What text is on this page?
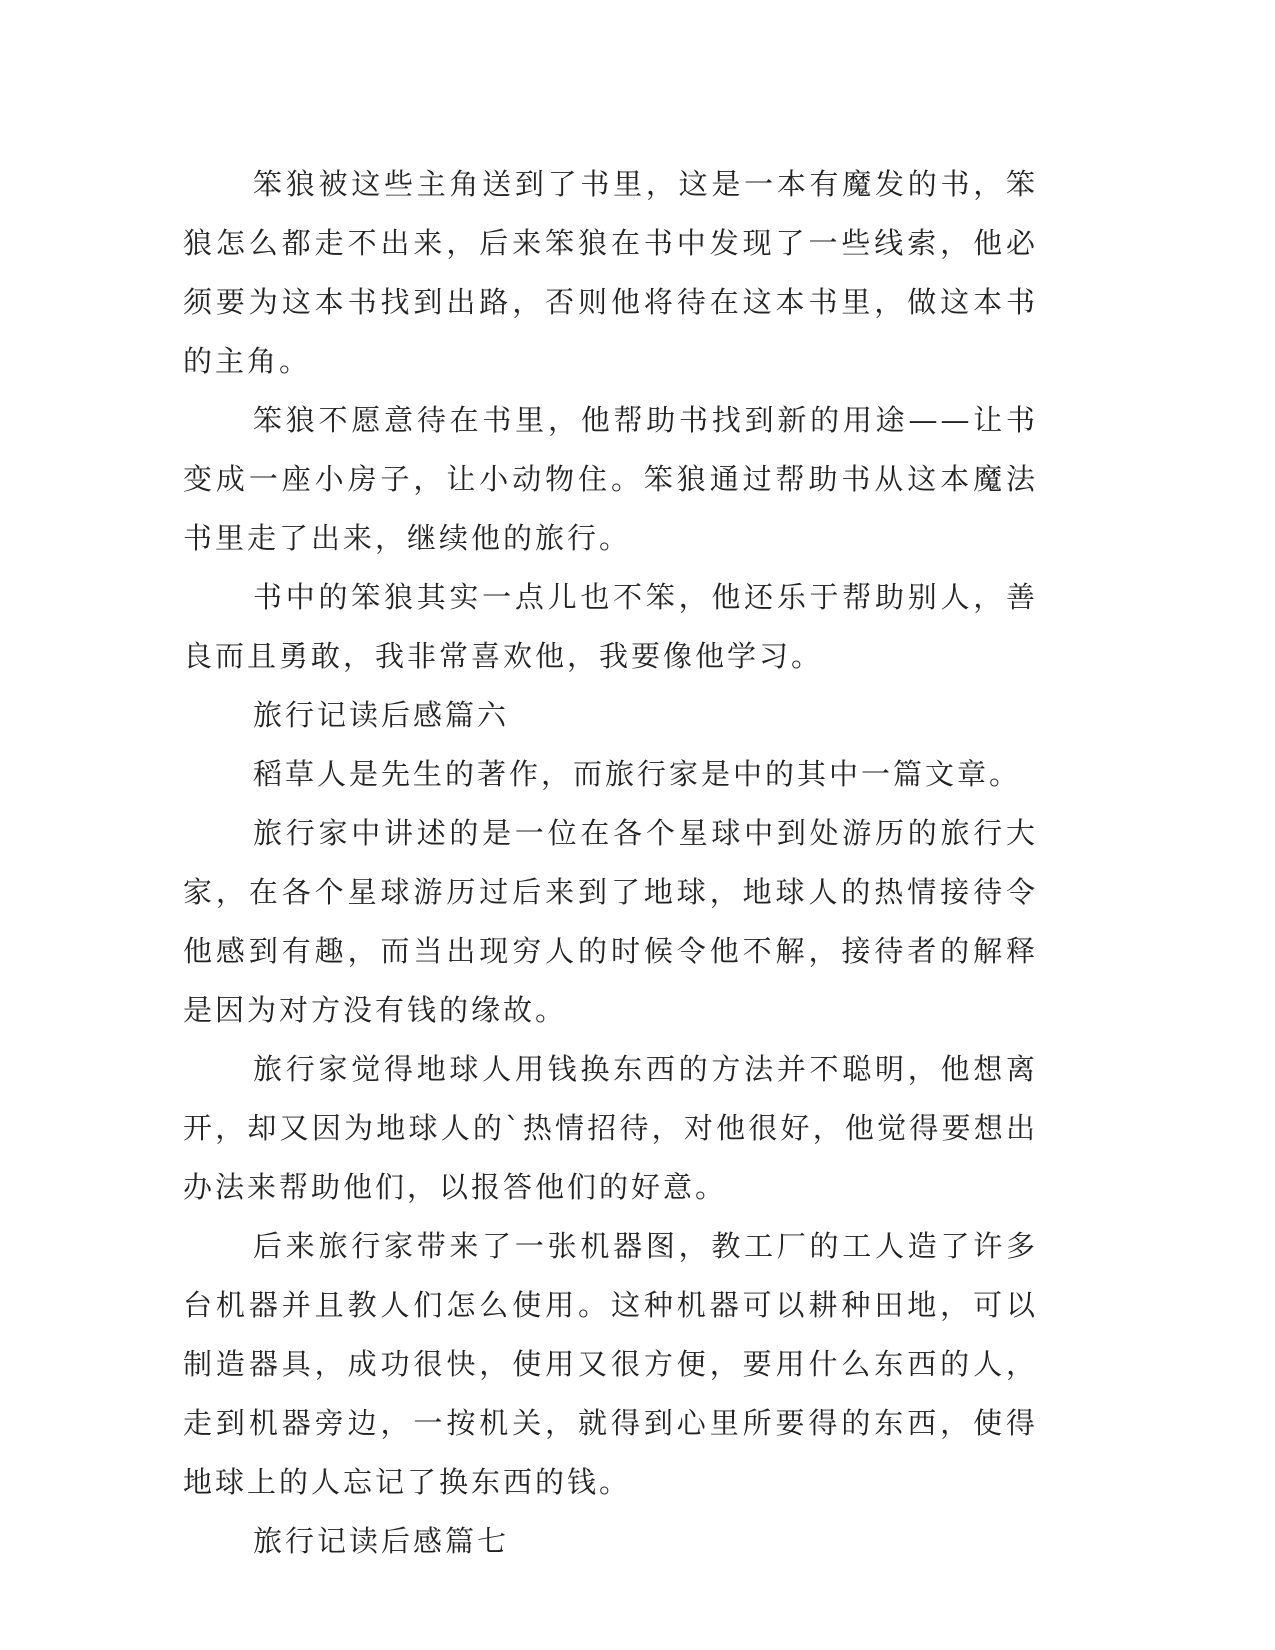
笨狼被这些主角送到了书里，这是一本有魔发的书，笨狼怎么都走不出来，后来笨狼在书中发现了一些线索，他必须要为这本书找到出路，否则他将待在这本书里，做这本书的主角。

笨狼不愿意待在书里，他帮助书找到新的用途——让书变成一座小房子，让小动物住。笨狼通过帮助书从这本魔法书里走了出来，继续他的旅行。

书中的笨狼其实一点儿也不笨，他还乐于帮助别人，善良而且勇敢，我非常喜欢他，我要像他学习。

旅行记读后感篇六

稻草人是先生的著作，而旅行家是中的其中一篇文章。

旅行家中讲述的是一位在各个星球中到处游历的旅行大家，在各个星球游历过后来到了地球，地球人的热情接待令他感到有趣，而当出现穷人的时候令他不解，接待者的解释是因为对方没有钱的缘故。

旅行家觉得地球人用钱换东西的方法并不聪明，他想离开，却又因为地球人的`热情招待，对他很好，他觉得要想出办法来帮助他们，以报答他们的好意。

后来旅行家带来了一张机器图，教工厂的工人造了许多台机器并且教人们怎么使用。这种机器可以耕种田地，可以制造器具，成功很快，使用又很方便，要用什么东西的人，走到机器旁边，一按机关，就得到心里所要得的东西，使得地球上的人忘记了换东西的钱。

旅行记读后感篇七
